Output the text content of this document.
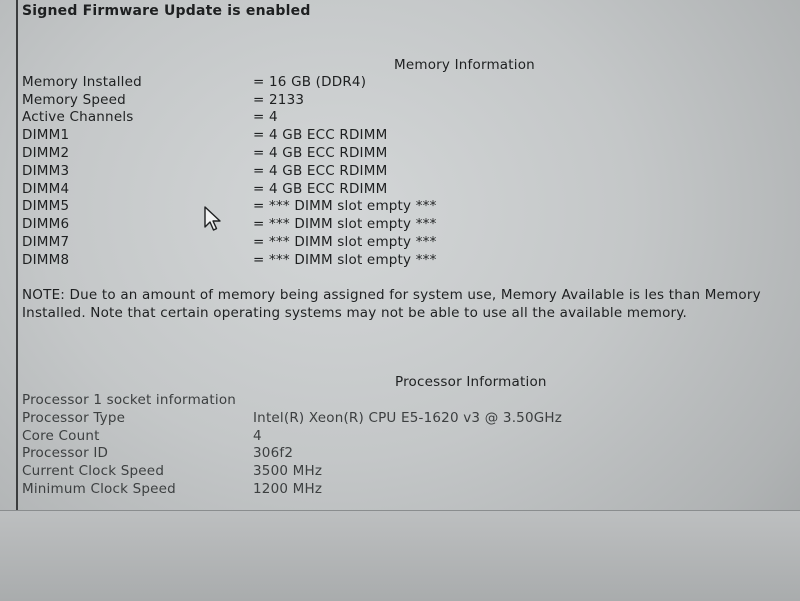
Signed Firmware Update is enabled
Memory Information
Memory Installed	= 16 GB (DDR4)
Memory Speed	= 2133
Active Channels	= 4
DIMM1	= 4 GB ECC RDIMM
DIMM2	= 4 GB ECC RDIMM
DIMM3	= 4 GB ECC RDIMM
DIMM4	= 4 GB ECC RDIMM
DIMM5	= *** DIMM slot empty ***
DIMM6	= *** DIMM slot empty ***
DIMM7	= *** DIMM slot empty ***
DIMM8	= *** DIMM slot empty ***
NOTE: Due to an amount of memory being assigned for system use, Memory Available is les than Memory Installed. Note that certain operating systems may not be able to use all the available memory.
Processor Information
Processor 1 socket information
Processor Type	Intel(R) Xeon(R) CPU E5-1620 v3 @ 3.50GHz
Core Count	4
Processor ID	306f2
Current Clock Speed	3500 MHz
Minimum Clock Speed	1200 MHz
